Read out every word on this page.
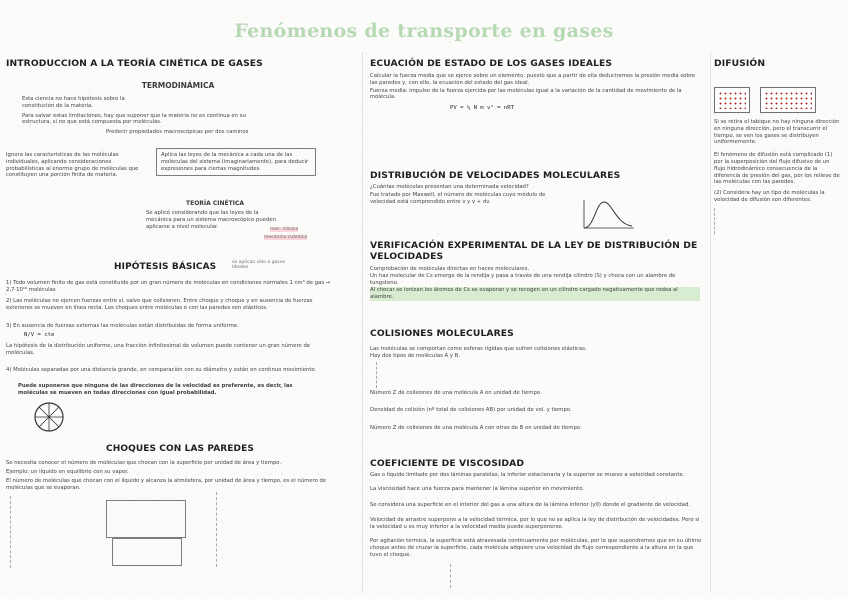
Fenómenos de transporte en gases
INTRODUCCION A LA TEORÍA CINÉTICA DE GASES
TERMODINÁMICA
Esta ciencia no hace hipótesis sobre la constitución de la materia.
Para salvar estas limitaciones, hay que suponer que la materia no es continua en su estructura, si no que está compuesta por moléculas.
Predecir propiedades macroscópicas por dos caminos
Ignora las características de las moléculas individuales, aplicando consideraciones probabilísticas al enorme grupo de moléculas que constituyen una porción finita de materia.
Aplica las leyes de la mecánica a cada una de las moléculas del sistema (imaginariamente), para deducir expresiones para ciertas magnitudes.
TEORÍA CINÉTICA
Se aplicó considerando que las leyes de la mecánica para un sistema macroscópico pueden aplicarse a nivel molecular.	mec. clásica
mecánica cuántica
HIPÓTESIS BÁSICAS	se aplican sólo a gases ideales
1) Todo volumen finito de gas está constituido por un gran número de moléculas en condiciones normales 1 cm³ de gas → 2,7·10¹⁹ moléculas
2) Las moléculas no ejercen fuerzas entre sí, salvo que colisionen. Entre choque y choque y en ausencia de fuerzas exteriores se mueven en línea recta. Los choques entre moléculas o con las paredes son elásticos.
3) En ausencia de fuerzas externas las moléculas están distribuidas de forma uniforme.
N/V = cte
La hipótesis de la distribución uniforme, una fracción infinitesimal de volumen puede contener un gran número de moléculas.
4) Moléculas separadas por una distancia grande, en comparación con su diámetro y están en continuo movimiento.
Puede suponerse que ninguna de las direcciones de la velocidad es preferente, es decir, las moléculas se mueven en todas direcciones con igual probabilidad.
CHOQUES CON LAS PAREDES
Se necesita conocer el número de moléculas que chocan con la superficie por unidad de área y tiempo.
Ejemplo: un líquido en equilibrio con su vapor.
El número de moléculas que chocan con el líquido y alcanza la atmósfera, por unidad de área y tiempo, es el número de moléculas que se evaporan.
ECUACIÓN DE ESTADO DE LOS GASES IDEALES
Calcular la fuerza media que se ejerce sobre un elemento, puesto que a partir de ella deduciremos la presión media sobre las paredes y, con ello, la ecuación del estado del gas ideal.
Fuerza media: impulso de la fuerza ejercida por las moléculas igual a la variación de la cantidad de movimiento de la molécula.
PV = ⅓ N m v² = nRT
DISTRIBUCIÓN DE VELOCIDADES MOLECULARES
¿Cuántas moléculas presentan una determinada velocidad?
Fue tratado por Maxwell, el número de moléculas cuyo módulo de velocidad está comprendido entre v y v + dv.
VERIFICACIÓN EXPERIMENTAL DE LA LEY DE DISTRIBUCIÓN DE VELOCIDADES
Comprobación de moléculas directas en haces moleculares.
Un haz molecular de Cs emerge de la rendija y pasa a través de una rendija cilindro (S) y choca con un alambre de tungsteno.
Al chocar se ionizan los átomos de Cs se evaporan y se recogen en un cilindro cargado negativamente que rodea al alambre.
COLISIONES MOLECULARES
Las moléculas se comportan como esferas rígidas que sufren colisiones elásticas.
Hay dos tipos de moléculas A y B.
Número Z de colisiones de una molécula A en unidad de tiempo.
Densidad de colisión (nº total de colisiones AB) por unidad de vol. y tiempo.
Número Z de colisiones de una molécula A con otras de B en unidad de tiempo.
COEFICIENTE DE VISCOSIDAD
Gas o líquido limitado por dos láminas paralelas, la inferior estacionaria y la superior se mueve a velocidad constante.
La viscosidad hace una fuerza para mantener la lámina superior en movimiento.
Se considera una superficie en el interior del gas a una altura de la lámina inferior (y0) donde el gradiente de velocidad.
Velocidad de arrastre superpone a la velocidad térmica, por lo que no se aplica la ley de distribución de velocidades. Pero si la velocidad u es muy inferior a la velocidad media puede superponerse.
Por agitación térmica, la superficie está atravesada continuamente por moléculas, por lo que supondremos que en su último choque antes de cruzar la superficie, cada molécula adquiere una velocidad de flujo correspondiente a la altura en la que tuvo el choque.
DIFUSIÓN
Si se retira el tabique no hay ninguna dirección en ninguna dirección, pero el transcurrir el tiempo, se ven los gases se distribuyen uniformemente.
El fenómeno de difusión está complicado (1) por la superposición del flujo difusivo de un flujo hidrodinámico consecuencia de la diferencia de presión del gas, por los relieve de las moléculas con las paredes.
(2) Considera hay un tipo de moléculas la velocidad de difusión son diferentes.
